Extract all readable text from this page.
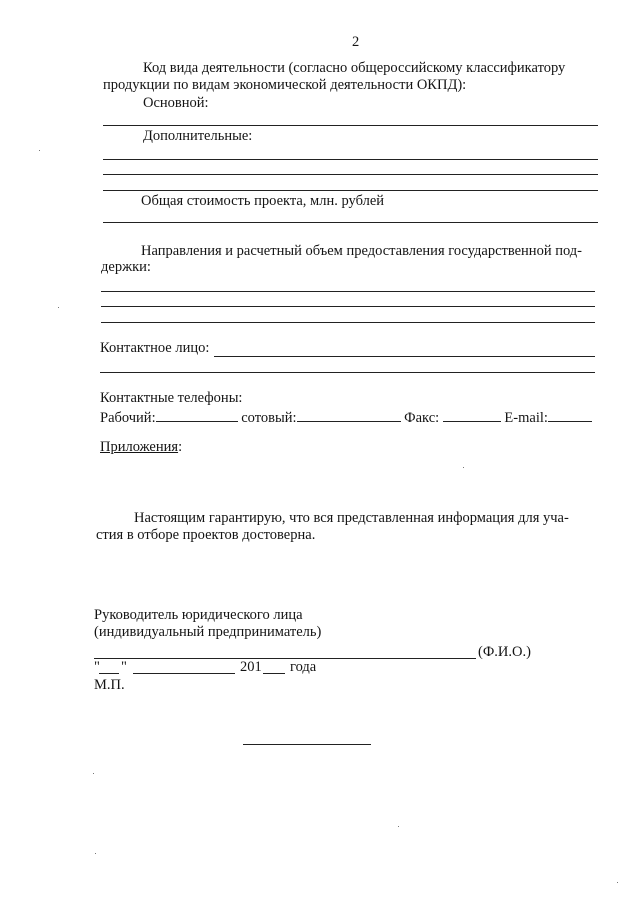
2
Код вида деятельности (согласно общероссийскому классификатору
продукции по видам экономической деятельности ОКПД):
Основной:
Дополнительные:
Общая стоимость проекта, млн. рублей
Направления и расчетный объем предоставления государственной под-
держки:
Контактное лицо:
Контактные телефоны:
Рабочий:	сотовый:	Факс:	E-mail:
Приложения:
Настоящим гарантирую, что вся представленная информация для уча-
стия в отборе проектов достоверна.
Руководитель юридического лица
(индивидуальный предприниматель)
(Ф.И.О.)
" "	201 года
М.П.
